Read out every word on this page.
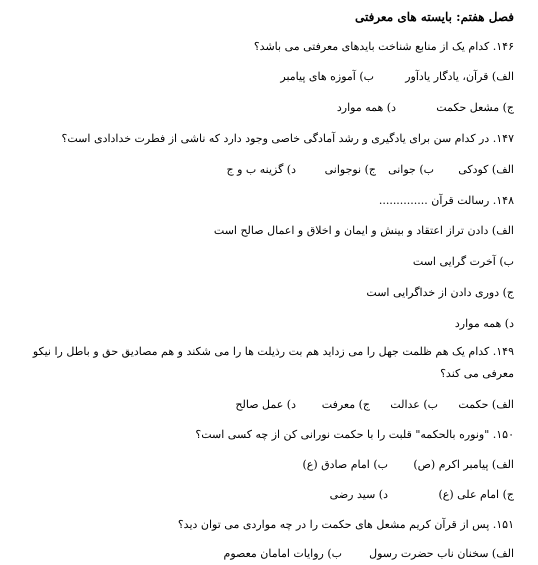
فصل هفتم: بایسته های معرفتی
۱۴۶. کدام یک از منابع شناخت بایدهای معرفتی می باشد؟
الف) قرآن، یادگار یادآور
ب) آموزه های پیامبر
ج) مشعل حکمت
د) همه موارد
۱۴۷. در کدام سن برای یادگیری و رشد آمادگی خاصی وجود دارد که ناشی از فطرت خدادادی است؟
الف) کودکی
ب) جوانی
ج) نوجوانی
د) گزینه ب و ج
۱۴۸. رسالت قرآن ..............
الف) دادن تراز اعتقاد و بینش و ایمان و اخلاق و اعمال صالح است
ب) آخرت گرایی است
ج) دوری دادن از خداگرایی است
د) همه موارد
۱۴۹. کدام یک هم ظلمت جهل را می زداید هم بت رذیلت ها را می شکند و هم مصادیق حق و باطل را نیکو معرفی می کند؟
الف) حکمت
ب) عدالت
ج) معرفت
د) عمل صالح
۱۵۰. "ونوره بالحکمه" قلبت را با حکمت نورانی کن از چه کسی است؟
الف) پیامبر اکرم (ص)
ب) امام صادق (ع)
ج) امام علی (ع)
د) سید رضی
۱۵۱. پس از قرآن کریم مشعل های حکمت را در چه مواردی می توان دید؟
الف) سخنان ناب حضرت رسول
ب) روایات امامان معصوم
